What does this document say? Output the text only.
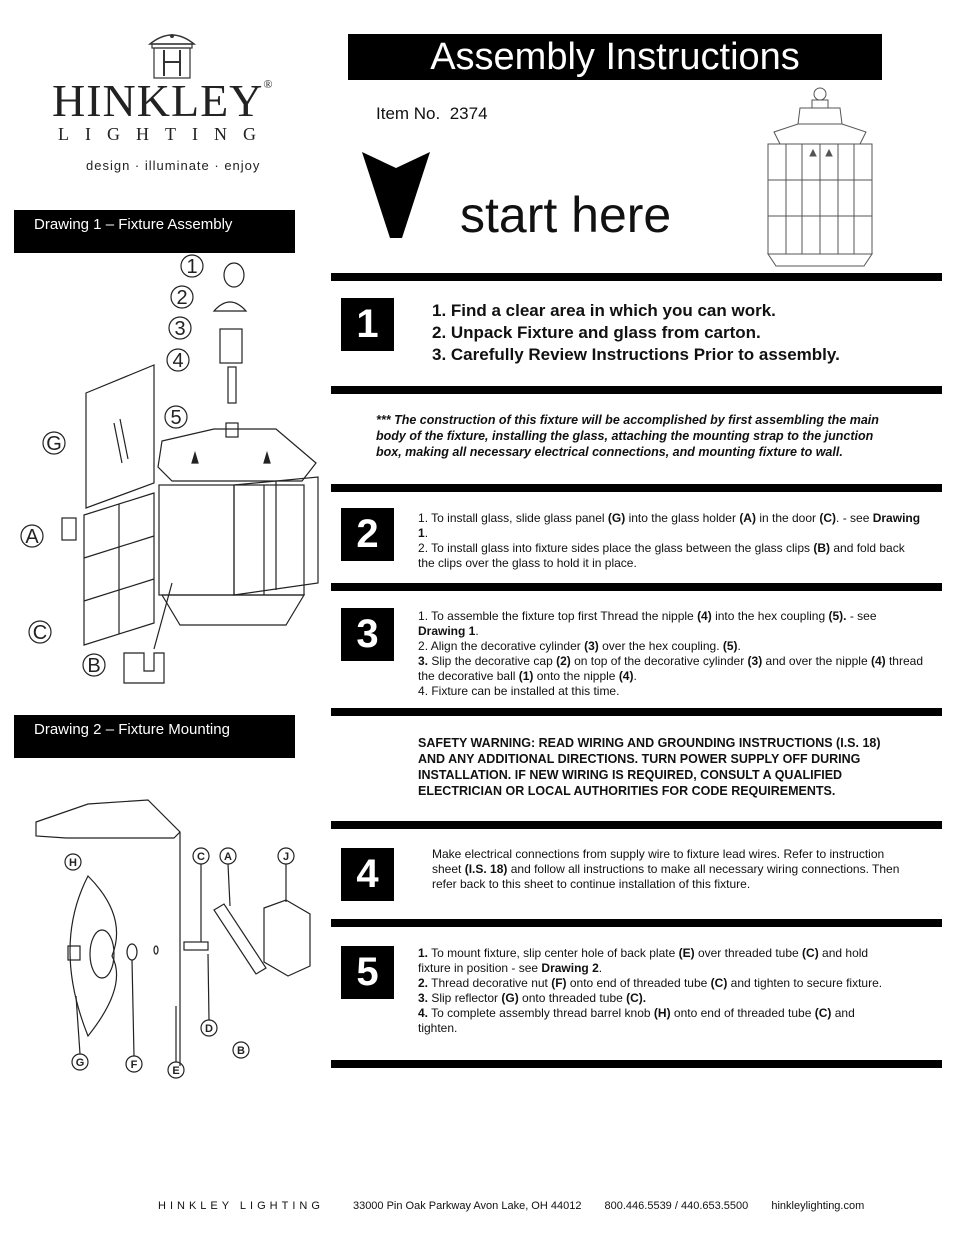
HINKLEY®
LIGHTING
design · illuminate · enjoy
Assembly Instructions
Item No. 2374
start here
Drawing 1 – Fixture Assembly
1
2
3
4
5
G
A
C
B
Drawing 2 – Fixture Mounting
H	C A	J
D
B
G	F	E
1	1. Find a clear area in which you can work.

2. Unpack Fixture and glass from carton.

3. Carefully Review Instructions Prior to assembly.

*** The construction of this fixture will be accomplished by first assembling the main body of the fixture, installing the glass, attaching the mounting strap to the junction box, making all necessary electrical connections, and mounting fixture to wall.
2	1. To install glass, slide glass panel (G) into the glass holder (A) in the door (C). - see Drawing 1.

2. To install glass into fixture sides place the glass between the glass clips (B) and fold back the clips over the glass to hold it in place.

3	1. To assemble the fixture top first Thread the nipple (4) into the hex coupling (5). - see Drawing 1.

2. Align the decorative cylinder (3) over the hex coupling. (5).

3. Slip the decorative cap (2) on top of the decorative cylinder (3) and over the nipple (4) thread the decorative ball (1) onto the nipple (4).

4. Fixture can be installed at this time.

SAFETY WARNING: READ WIRING AND GROUNDING INSTRUCTIONS (I.S. 18) AND ANY ADDITIONAL DIRECTIONS. TURN POWER SUPPLY OFF DURING INSTALLATION. IF NEW WIRING IS REQUIRED, CONSULT A QUALIFIED ELECTRICIAN OR LOCAL AUTHORITIES FOR CODE REQUIREMENTS.
4	Make electrical connections from supply wire to fixture lead wires. Refer to instruction sheet (I.S. 18) and follow all instructions to make all necessary wiring connections. Then refer back to this sheet to continue installation of this fixture.

5	1. To mount fixture, slip center hole of back plate (E) over threaded tube (C) and hold fixture in position - see Drawing 2.

2. Thread decorative nut (F) onto end of threaded tube (C) and tighten to secure fixture.

3. Slip reflector (G) onto threaded tube (C).

4. To complete assembly thread barrel knob (H) onto end of threaded tube (C) and tighten.

HINKLEY LIGHTING	33000 Pin Oak Parkway Avon Lake, OH 44012 800.446.5539 / 440.653.5500 hinkleylighting.com
